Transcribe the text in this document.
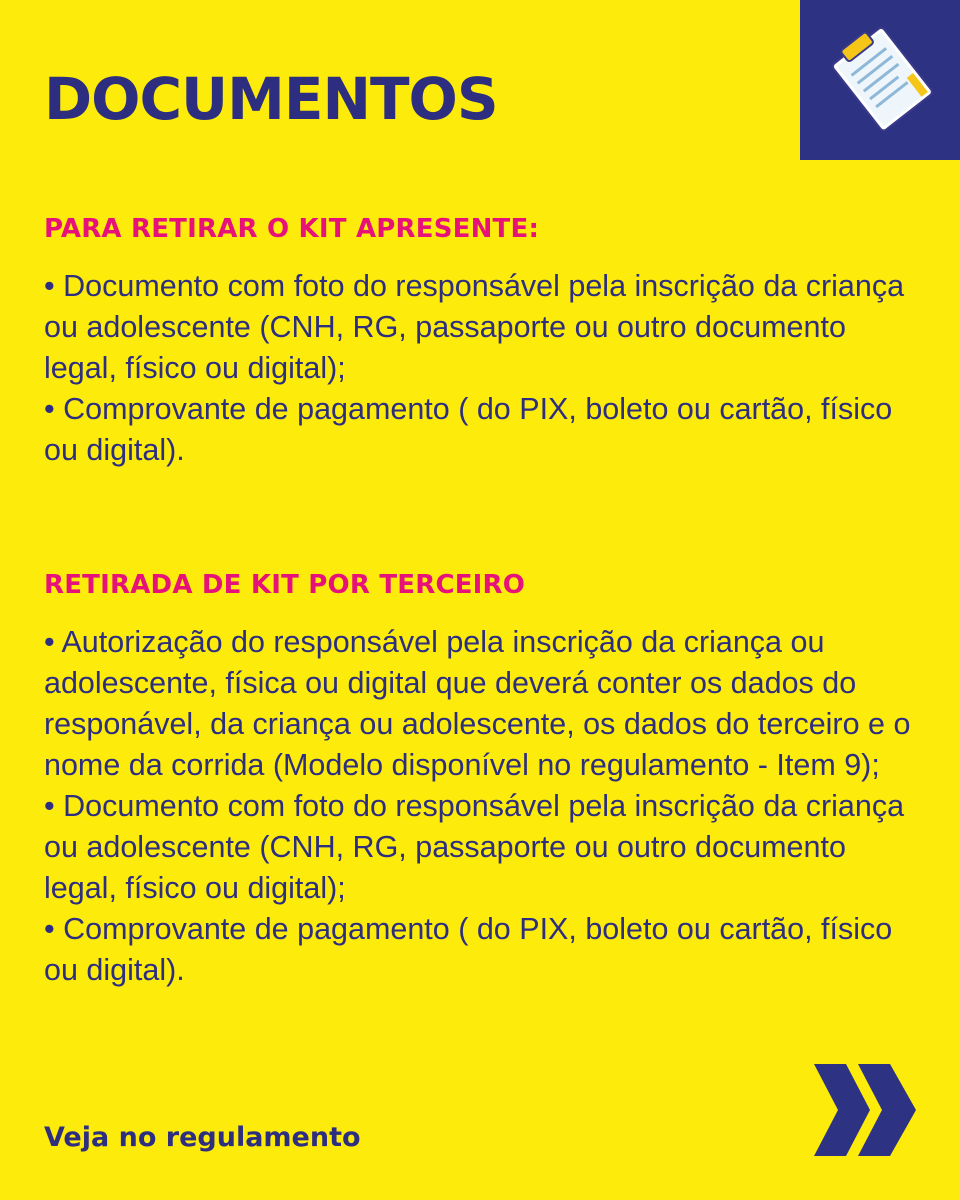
DOCUMENTOS
PARA RETIRAR O KIT APRESENTE:
• Documento com foto do responsável pela inscrição da criança ou adolescente (CNH, RG, passaporte ou outro documento legal, físico ou digital);
• Comprovante de pagamento ( do PIX, boleto ou cartão, físico ou digital).
RETIRADA DE KIT POR TERCEIRO
• Autorização do responsável pela inscrição da criança ou adolescente, física ou digital que deverá conter os dados do responável, da criança ou adolescente, os dados do terceiro e o nome da corrida (Modelo disponível no regulamento - Item 9);
• Documento com foto do responsável pela inscrição da criança ou adolescente (CNH, RG, passaporte ou outro documento legal, físico ou digital);
• Comprovante de pagamento ( do PIX, boleto ou cartão, físico ou digital).

Veja no regulamento
